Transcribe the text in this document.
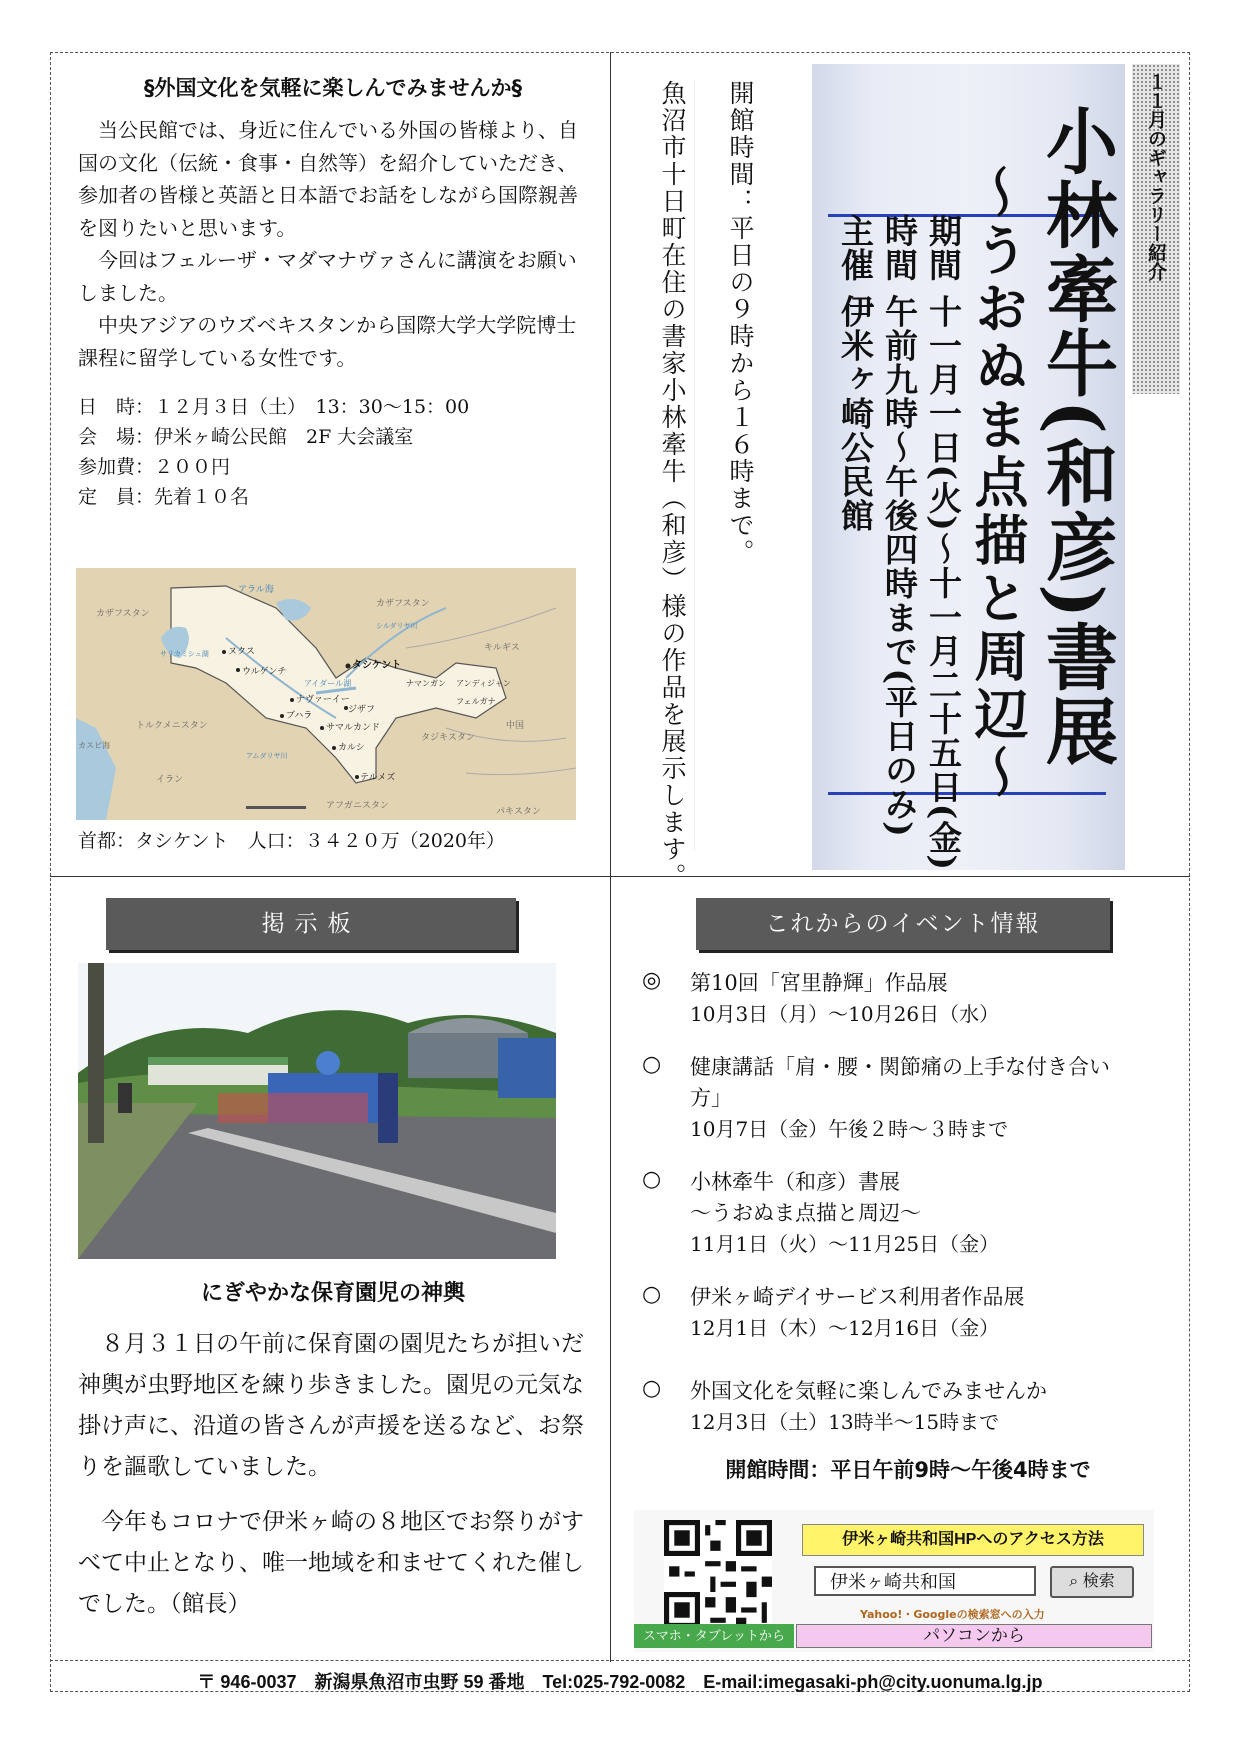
§外国文化を気軽に楽しんでみませんか§

当公民館では、身近に住んでいる外国の皆様より、自国の文化（伝統・食事・自然等）を紹介していただき、参加者の皆様と英語と日本語でお話をしながら国際親善を図りたいと思います。

今回はフェルーザ・マダマナヴァさんに講演をお願いしました。

中央アジアのウズベキスタンから国際大学大学院博士課程に留学している女性です。

日　時：１２月３日（土）　13：30〜15：00
会　場：伊米ヶ崎公民館　2F 大会議室
参加費：２００円
定　員：先着１０名
カザフスタン
カザフスタン
アラル海
サリカミシュ湖
アイダール湖
ヌクス
ウルゲンチ	タシケント
ナヴァーイー
ブハラ
ジザフ
サマルカンド
カルシ
テルメズ
トルクメニスタン
カスピ海
イラン
アフガニスタン
タジキスタン
キルギス
中国
パキスタン
ナマンガン アンディジャン
フェルガナ
シルダリヤ川
アムダリヤ川
首都：タシケント　人口：３４２０万（2020年）
開館時間：平日の９時から１６時まで。
魚沼市十日町在住の書家小林牽牛（和彦）様の作品を展示します。	小林牽牛(和彦)書展
〜うおぬま点描と周辺〜
期間 十一月一日(火)〜十一月二十五日(金)
時間 午前九時〜午後四時まで(平日のみ)
主催 伊米ヶ崎公民館
１１月のギャラリー紹介
掲示板
にぎやかな保育園児の神輿

８月３１日の午前に保育園の園児たちが担いだ神輿が虫野地区を練り歩きました。園児の元気な掛け声に、沿道の皆さんが声援を送るなど、お祭りを謳歌していました。

今年もコロナで伊米ヶ崎の８地区でお祭りがすべて中止となり、唯一地域を和ませてくれた催しでした。（館長）

これからのイベント情報
◎ 第10回「宮里静輝」作品展
10月3日（月）〜10月26日（水）
○ 健康講話「肩・腰・関節痛の上手な付き合い方」
10月7日（金）午後２時〜３時まで
○ 小林牽牛（和彦）書展
〜うおぬま点描と周辺〜
11月1日（火）〜11月25日（金）
○ 伊米ヶ崎デイサービス利用者作品展
12月1日（木）〜12月16日（金）
○ 外国文化を気軽に楽しんでみませんか
12月3日（土）13時半〜15時まで
開館時間：平日午前9時〜午後4時まで
伊米ヶ崎共和国HPへのアクセス方法
伊米ヶ崎共和国	⌕ 検索
Yahoo!・Googleの検索窓への入力
スマホ・タブレットから	パソコンから
〒 946-0037　新潟県魚沼市虫野 59 番地　Tel:025-792-0082　E-mail:imegasaki-ph@city.uonuma.lg.jp
